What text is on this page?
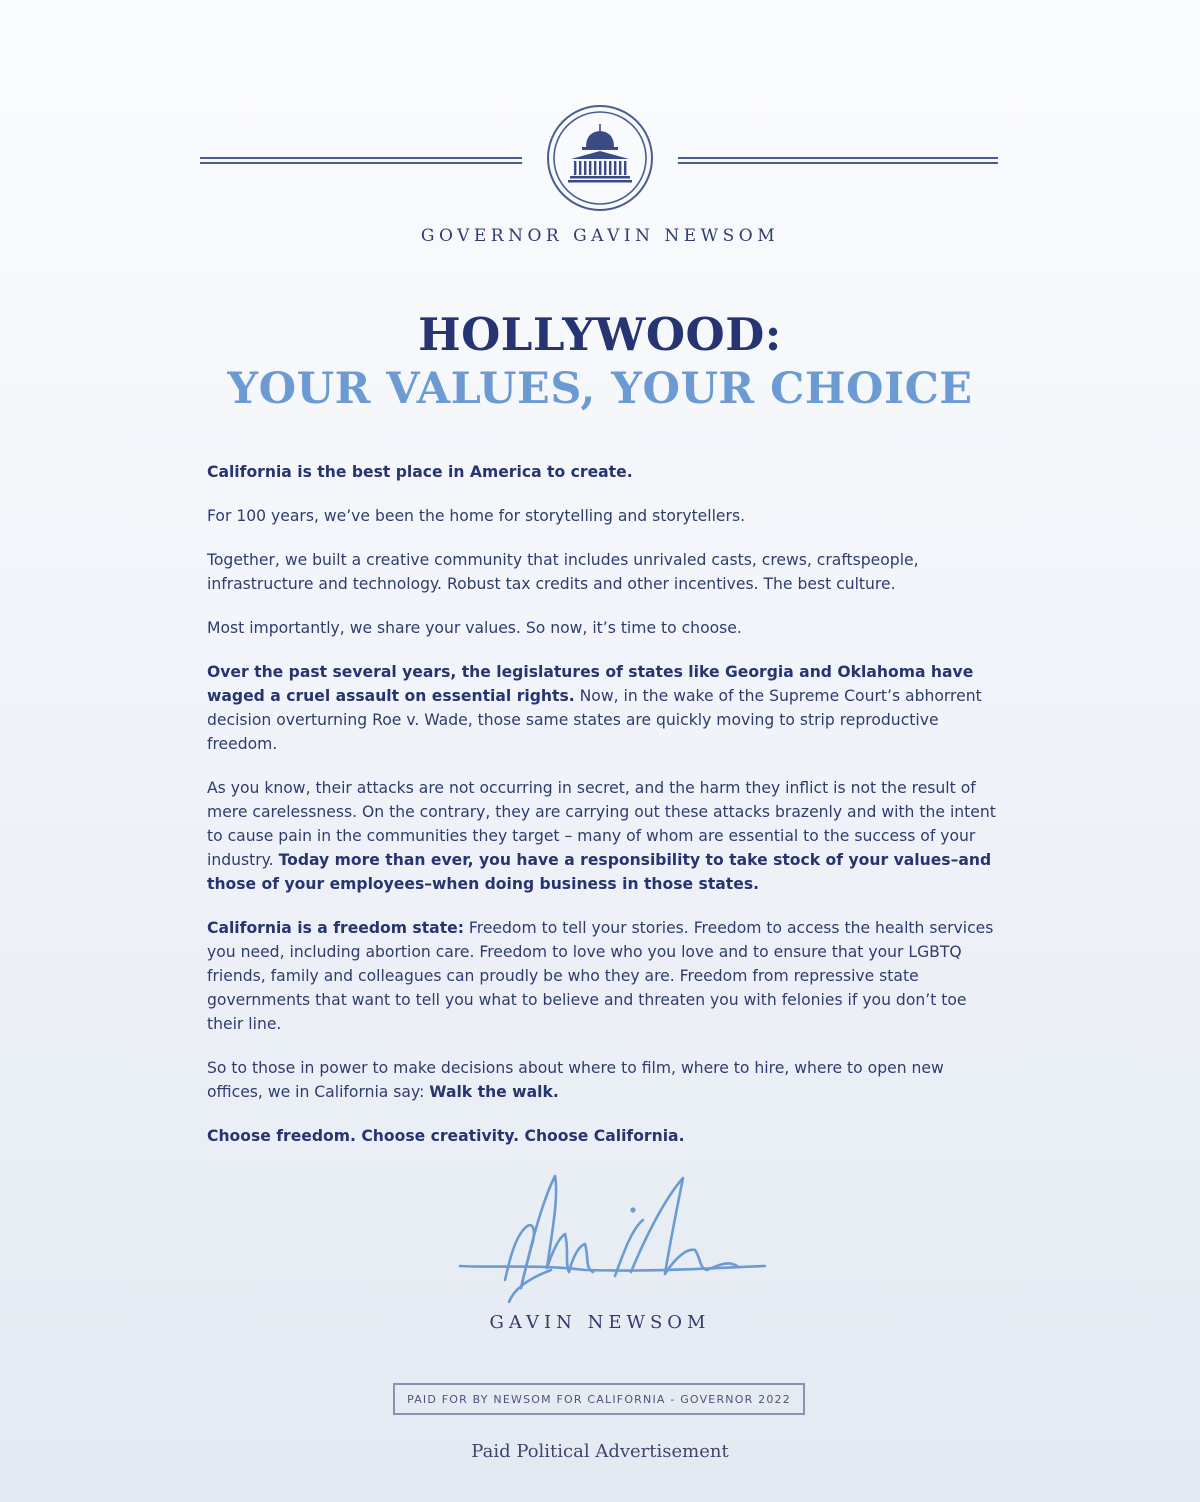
GOVERNOR GAVIN NEWSOM
HOLLYWOOD:
YOUR VALUES, YOUR CHOICE

California is the best place in America to create.

For 100 years, we’ve been the home for storytelling and storytellers.

Together, we built a creative community that includes unrivaled casts, crews, craftspeople, infrastructure and technology. Robust tax credits and other incentives. The best culture.

Most importantly, we share your values. So now, it’s time to choose.

Over the past several years, the legislatures of states like Georgia and Oklahoma have waged a cruel assault on essential rights. Now, in the wake of the Supreme Court’s abhorrent decision overturning Roe v. Wade, those same states are quickly moving to strip reproductive freedom.

As you know, their attacks are not occurring in secret, and the harm they inflict is not the result of mere carelessness. On the contrary, they are carrying out these attacks brazenly and with the intent to cause pain in the communities they target – many of whom are essential to the success of your industry. Today more than ever, you have a responsibility to take stock of your values–and those of your employees–when doing business in those states.

California is a freedom state: Freedom to tell your stories. Freedom to access the health services you need, including abortion care. Freedom to love who you love and to ensure that your LGBTQ friends, family and colleagues can proudly be who they are. Freedom from repressive state governments that want to tell you what to believe and threaten you with felonies if you don’t toe their line.

So to those in power to make decisions about where to film, where to hire, where to open new offices, we in California say: Walk the walk.

Choose freedom. Choose creativity. Choose California.

GAVIN NEWSOM
PAID FOR BY NEWSOM FOR CALIFORNIA - GOVERNOR 2022
Paid Political Advertisement
